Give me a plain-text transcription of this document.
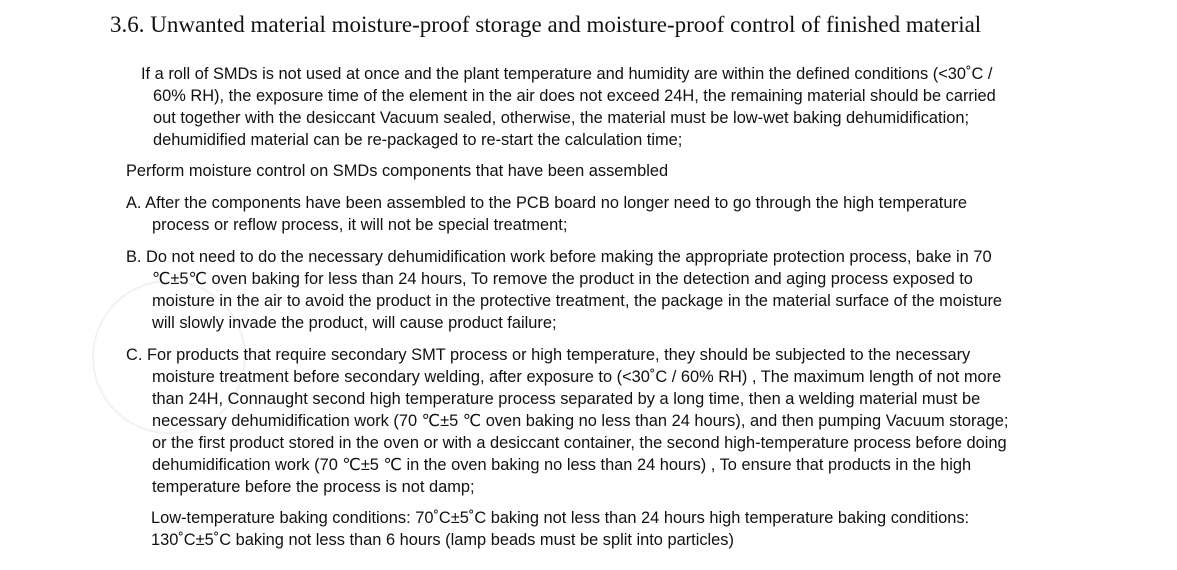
3.6. Unwanted material moisture-proof storage and moisture-proof control of finished material
If a roll of SMDs is not used at once and the plant temperature and humidity are within the defined conditions (<30˚C /
60% RH), the exposure time of the element in the air does not exceed 24H, the remaining material should be carried
out together with the desiccant Vacuum sealed, otherwise, the material must be low-wet baking dehumidification;
dehumidified material can be re-packaged to re-start the calculation time;
Perform moisture control on SMDs components that have been assembled
A. After the components have been assembled to the PCB board no longer need to go through the high temperature
process or reflow process, it will not be special treatment;
B. Do not need to do the necessary dehumidification work before making the appropriate protection process, bake in 70
℃±5℃ oven baking for less than 24 hours, To remove the product in the detection and aging process exposed to
moisture in the air to avoid the product in the protective treatment, the package in the material surface of the moisture
will slowly invade the product, will cause product failure;
C. For products that require secondary SMT process or high temperature, they should be subjected to the necessary
moisture treatment before secondary welding, after exposure to (<30˚C / 60% RH) , The maximum length of not more
than 24H, Connaught second high temperature process separated by a long time, then a welding material must be
necessary dehumidification work (70 ℃±5 ℃ oven baking no less than 24 hours), and then pumping Vacuum storage;
or the first product stored in the oven or with a desiccant container, the second high-temperature process before doing
dehumidification work (70 ℃±5 ℃ in the oven baking no less than 24 hours) , To ensure that products in the high
temperature before the process is not damp;
Low-temperature baking conditions: 70˚C±5˚C baking not less than 24 hours high temperature baking conditions:
130˚C±5˚C baking not less than 6 hours (lamp beads must be split into particles)
